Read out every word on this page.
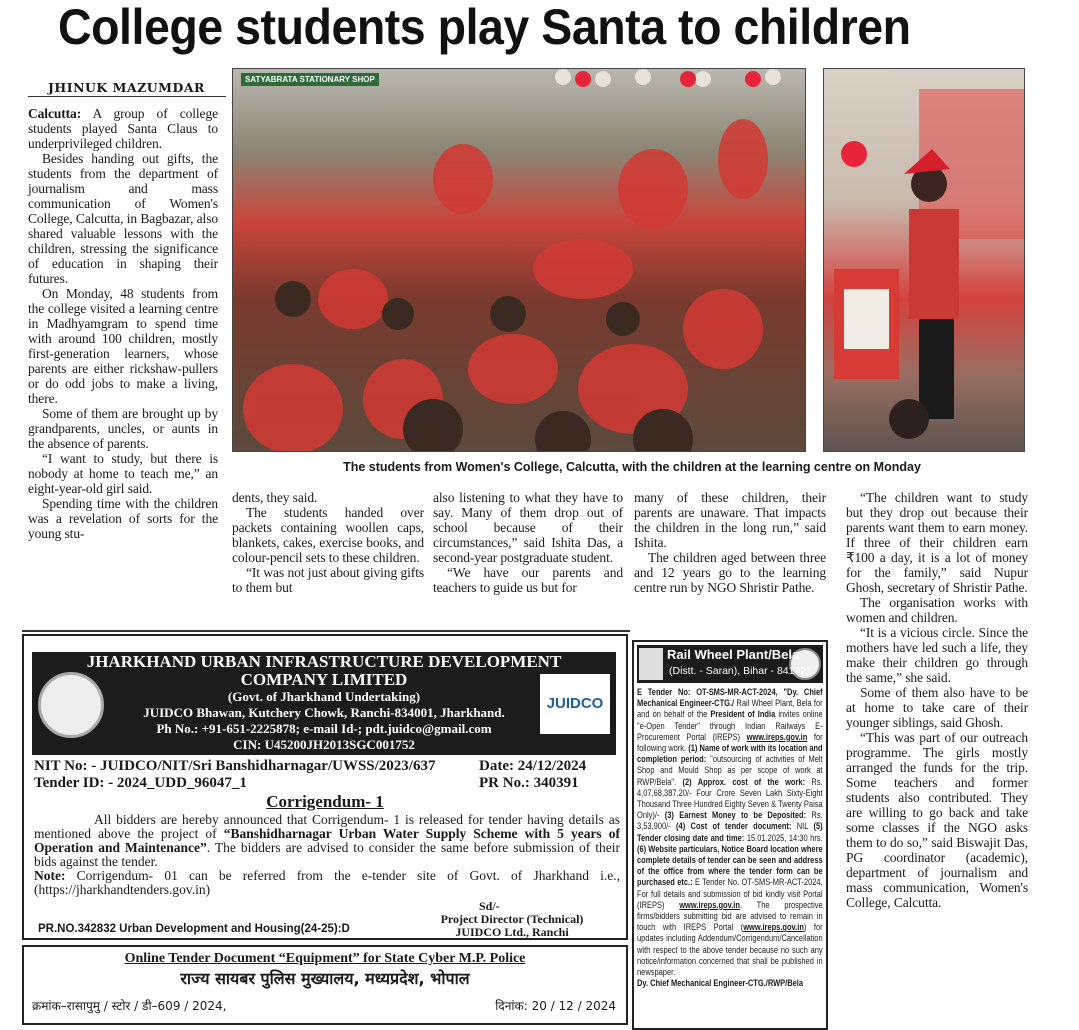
College students play Santa to children
JHINUK MAZUMDAR

Calcutta: A group of college students played Santa Claus to underprivileged children.

Besides handing out gifts, the students from the department of journalism and mass communication of Women's College, Calcutta, in Bagbazar, also shared valuable lessons with the children, stressing the significance of education in shaping their futures.

On Monday, 48 students from the college visited a learning centre in Madhyamgram to spend time with around 100 children, mostly first-generation learners, whose parents are either rickshaw-pullers or do odd jobs to make a living, there.

Some of them are brought up by grandparents, uncles, or aunts in the absence of parents.

“I want to study, but there is nobody at home to teach me,” an eight-year-old girl said.

Spending time with the children was a revelation of sorts for the young stu-

SATYABRATA STATIONARY SHOP
The students from Women's College, Calcutta, with the children at the learning centre on Monday

dents, they said.

The students handed over packets containing woollen caps, blankets, cakes, exercise books, and colour-pencil sets to these children.

“It was not just about giving gifts to them but

also listening to what they have to say. Many of them drop out of school because of their circumstances,” said Ishita Das, a second-year postgraduate student.

“We have our parents and teachers to guide us but for

many of these children, their parents are unaware. That impacts the children in the long run,” said Ishita.

The children aged between three and 12 years go to the learning centre run by NGO Shristir Pathe.

“The children want to study but they drop out because their parents want them to earn money. If three of their children earn ₹100 a day, it is a lot of money for the family,” said Nupur Ghosh, secretary of Shristir Pathe.

The organisation works with women and children.

“It is a vicious circle. Since the mothers have led such a life, they make their children go through the same,” she said.

Some of them also have to be at home to take care of their younger siblings, said Ghosh.

“This was part of our outreach programme. The girls mostly arranged the funds for the trip. Some teachers and former students also contributed. They are willing to go back and take some classes if the NGO asks them to do so,” said Biswajit Das, PG coordinator (academic), department of journalism and mass communication, Women's College, Calcutta.

JUIDCO
JHARKHAND URBAN INFRASTRUCTURE DEVELOPMENT
COMPANY LIMITED
(Govt. of Jharkhand Undertaking)
JUIDCO Bhawan, Kutchery Chowk, Ranchi-834001, Jharkhand.
Ph No.: +91-651-2225878; e-mail Id-; pdt.juidco@gmail.com
CIN: U45200JH2013SGC001752
NIT No: - JUIDCO/NIT/Sri Banshidharnagar/UWSS/2023/637	Date: 24/12/2024
Tender ID: - 2024_UDD_96047_1	PR No.: 340391
Corrigendum- 1
All bidders are hereby announced that Corrigendum- 1 is released for tender having details as mentioned above the project of “Banshidharnagar Urban Water Supply Scheme with 5 years of Operation and Maintenance”. The bidders are advised to consider the same before submission of their bids against the tender.
Note: Corrigendum- 01 can be referred from the e-tender site of Govt. of Jharkhand i.e., (https://jharkhandtenders.gov.in)
Sd/-
Project Director (Technical)
JUIDCO Ltd., Ranchi
PR.NO.342832 Urban Development and Housing(24-25):D
Online Tender Document “Equipment” for State Cyber M.P. Police
राज्य सायबर पुलिस मुख्यालय, मध्यप्रदेश, भोपाल
क्रमांक–रासापुमु / स्टोर / डी–609 / 2024,	दिनांक: 20 / 12 / 2024
Rail Wheel Plant/Bela
(Distt. - Saran), Bihar - 841221
E Tender No: OT-SMS-MR-ACT-2024, "Dy. Chief Mechanical Engineer-CTG./ Rail Wheel Plant, Bela for and on behalf of the President of India invites online "e-Open Tender" through Indian Railways E-Procurement Portal (IREPS) www.ireps.gov.in for following work. (1) Name of work with its location and completion period: "outsourcing of activities of Melt Shop and Mould Shop as per scope of work at RWP/Bela". (2) Approx. cost of the work: Rs. 4,07,68,387.20/- Four Crore Seven Lakh Sixty-Eight Thousand Three Hundred Eighty Seven & Twenty Paisa Only)/- (3) Earnest Money to be Deposited: Rs. 3,53,900/- (4) Cost of tender document: NIL (5) Tender closing date and time: 15.01.2025, 14:30 hrs. (6) Website particulars, Notice Board location where complete details of tender can be seen and address of the office from where the tender form can be purchased etc.: E Tender No. OT-SMS-MR-ACT-2024, For full details and submission of bid kindly visit Portal (IREPS) www.ireps.gov.in. The prospective firms/bidders submitting bid are advised to remain in touch with IREPS Portal (www.ireps.gov.in) for updates including Addendum/Corrigendum/Cancellation with respect to the above tender because no such any notice/information concerned that shall be published in newspaper.
Dy. Chief Mechanical Engineer-CTG./RWP/Bela
